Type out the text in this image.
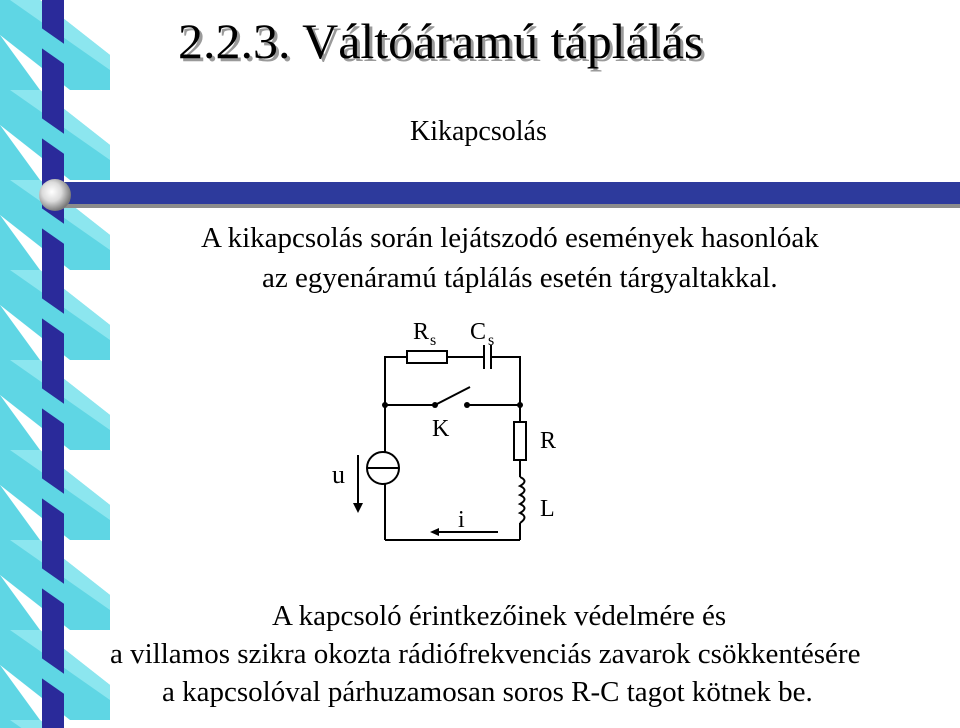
2.2.3. Váltóáramú táplálás
Kikapcsolás
A kikapcsolás során lejátszodó események hasonlóak
az egyenáramú táplálás esetén tárgyaltakkal.
R s C s
K
u
i
R
L
A kapcsoló érintkezőinek védelmére és
a villamos szikra okozta rádiófrekvenciás zavarok csökkentésére
a kapcsolóval párhuzamosan soros R-C tagot kötnek be.
